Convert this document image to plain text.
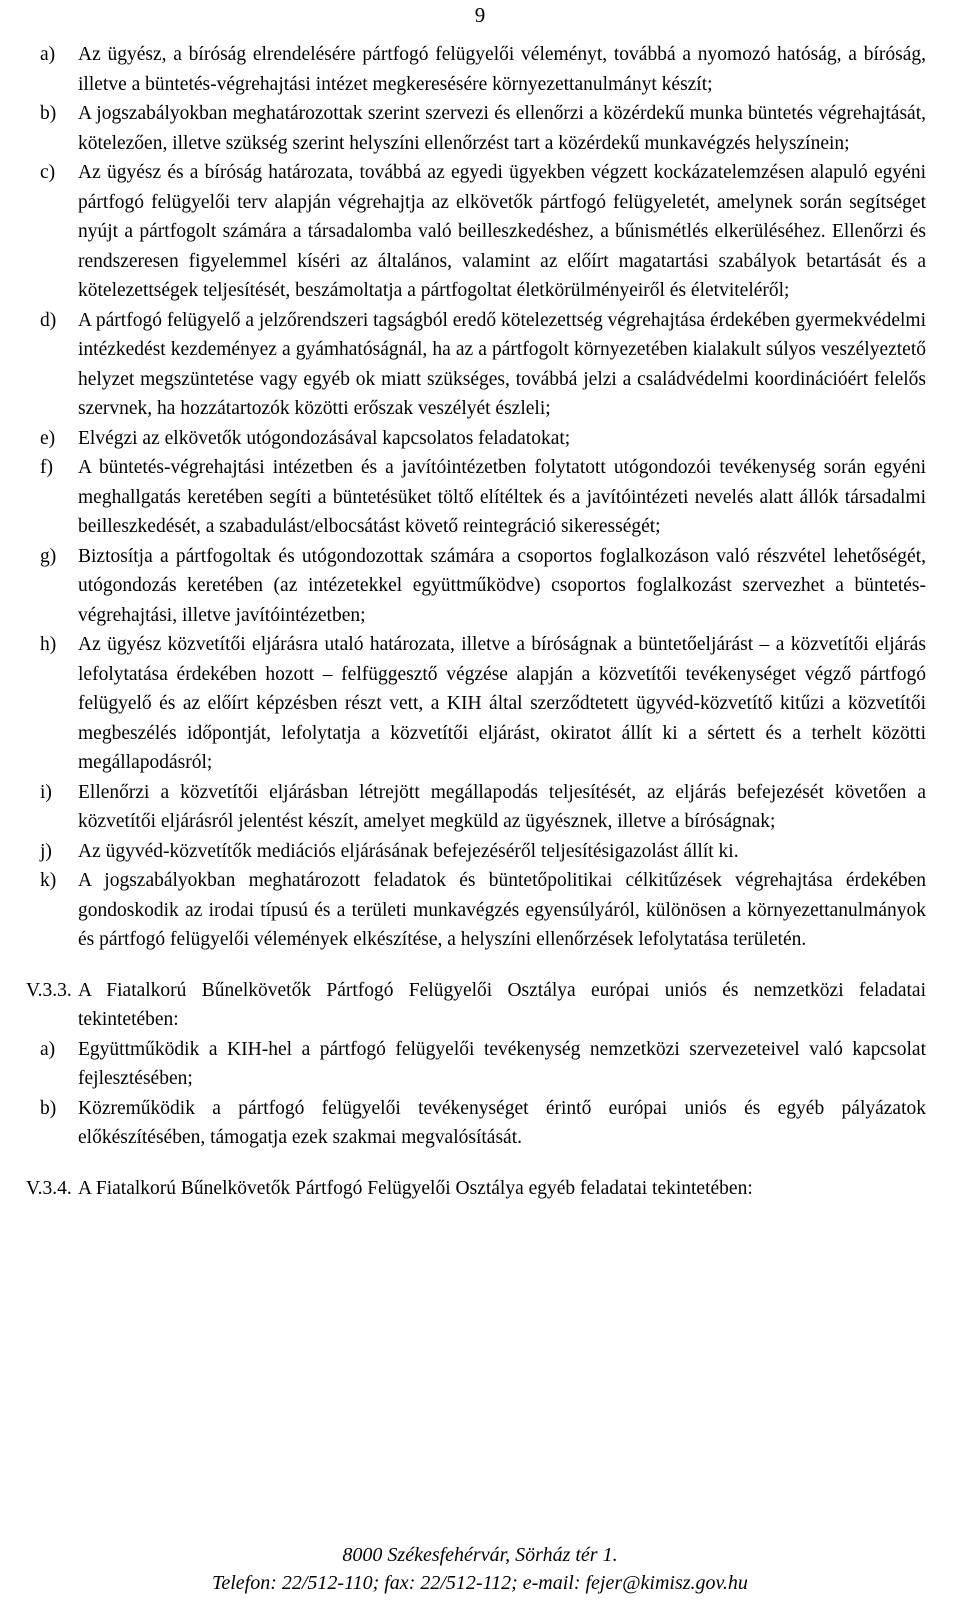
9
a) Az ügyész, a bíróság elrendelésére pártfogó felügyelői véleményt, továbbá a nyomozó hatóság, a bíróság, illetve a büntetés-végrehajtási intézet megkeresésére környezettanulmányt készít;
b) A jogszabályokban meghatározottak szerint szervezi és ellenőrzi a közérdekű munka büntetés végrehajtását, kötelezően, illetve szükség szerint helyszíni ellenőrzést tart a közérdekű munkavégzés helyszínein;
c) Az ügyész és a bíróság határozata, továbbá az egyedi ügyekben végzett kockázatelemzésen alapuló egyéni pártfogó felügyelői terv alapján végrehajtja az elkövetők pártfogó felügyeletét, amelynek során segítséget nyújt a pártfogolt számára a társadalomba való beilleszkedéshez, a bűnismétlés elkerüléséhez. Ellenőrzi és rendszeresen figyelemmel kíséri az általános, valamint az előírt magatartási szabályok betartását és a kötelezettségek teljesítését, beszámoltatja a pártfogoltat életkörülményeiről és életviteléről;
d) A pártfogó felügyelő a jelzőrendszeri tagságból eredő kötelezettség végrehajtása érdekében gyermekvédelmi intézkedést kezdeményez a gyámhatóságnál, ha az a pártfogolt környezetében kialakult súlyos veszélyeztető helyzet megszüntetése vagy egyéb ok miatt szükséges, továbbá jelzi a családvédelmi koordinációért felelős szervnek, ha hozzátartozók közötti erőszak veszélyét észleli;
e) Elvégzi az elkövetők utógondozásával kapcsolatos feladatokat;
f) A büntetés-végrehajtási intézetben és a javítóintézetben folytatott utógondozói tevékenység során egyéni meghallgatás keretében segíti a büntetésüket töltő elítéltek és a javítóintézeti nevelés alatt állók társadalmi beilleszkedését, a szabadulást/elbocsátást követő reintegráció sikerességét;
g) Biztosítja a pártfogoltak és utógondozottak számára a csoportos foglalkozáson való részvétel lehetőségét, utógondozás keretében (az intézetekkel együttműködve) csoportos foglalkozást szervezhet a büntetés-végrehajtási, illetve javítóintézetben;
h) Az ügyész közvetítői eljárásra utaló határozata, illetve a bíróságnak a büntetőeljárást – a közvetítői eljárás lefolytatása érdekében hozott – felfüggesztő végzése alapján a közvetítői tevékenységet végző pártfogó felügyelő és az előírt képzésben részt vett, a KIH által szerződtetett ügyvéd-közvetítő kitűzi a közvetítői megbeszélés időpontját, lefolytatja a közvetítői eljárást, okiratot állít ki a sértett és a terhelt közötti megállapodásról;
i) Ellenőrzi a közvetítői eljárásban létrejött megállapodás teljesítését, az eljárás befejezését követően a közvetítői eljárásról jelentést készít, amelyet megküld az ügyésznek, illetve a bíróságnak;
j) Az ügyvéd-közvetítők mediációs eljárásának befejezéséről teljesítésigazolást állít ki.
k) A jogszabályokban meghatározott feladatok és büntetőpolitikai célkitűzések végrehajtása érdekében gondoskodik az irodai típusú és a területi munkavégzés egyensúlyáról, különösen a környezettanulmányok és pártfogó felügyelői vélemények elkészítése, a helyszíni ellenőrzések lefolytatása területén.
V.3.3. A Fiatalkorú Bűnelkövetők Pártfogó Felügyelői Osztálya európai uniós és nemzetközi feladatai tekintetében:
a) Együttműködik a KIH-hel a pártfogó felügyelői tevékenység nemzetközi szervezeteivel való kapcsolat fejlesztésében;
b) Közreműködik a pártfogó felügyelői tevékenységet érintő európai uniós és egyéb pályázatok előkészítésében, támogatja ezek szakmai megvalósítását.
V.3.4. A Fiatalkorú Bűnelkövetők Pártfogó Felügyelői Osztálya egyéb feladatai tekintetében:
8000 Székesfehérvár, Sörház tér 1.
Telefon: 22/512-110; fax: 22/512-112; e-mail: fejer@kimisz.gov.hu
